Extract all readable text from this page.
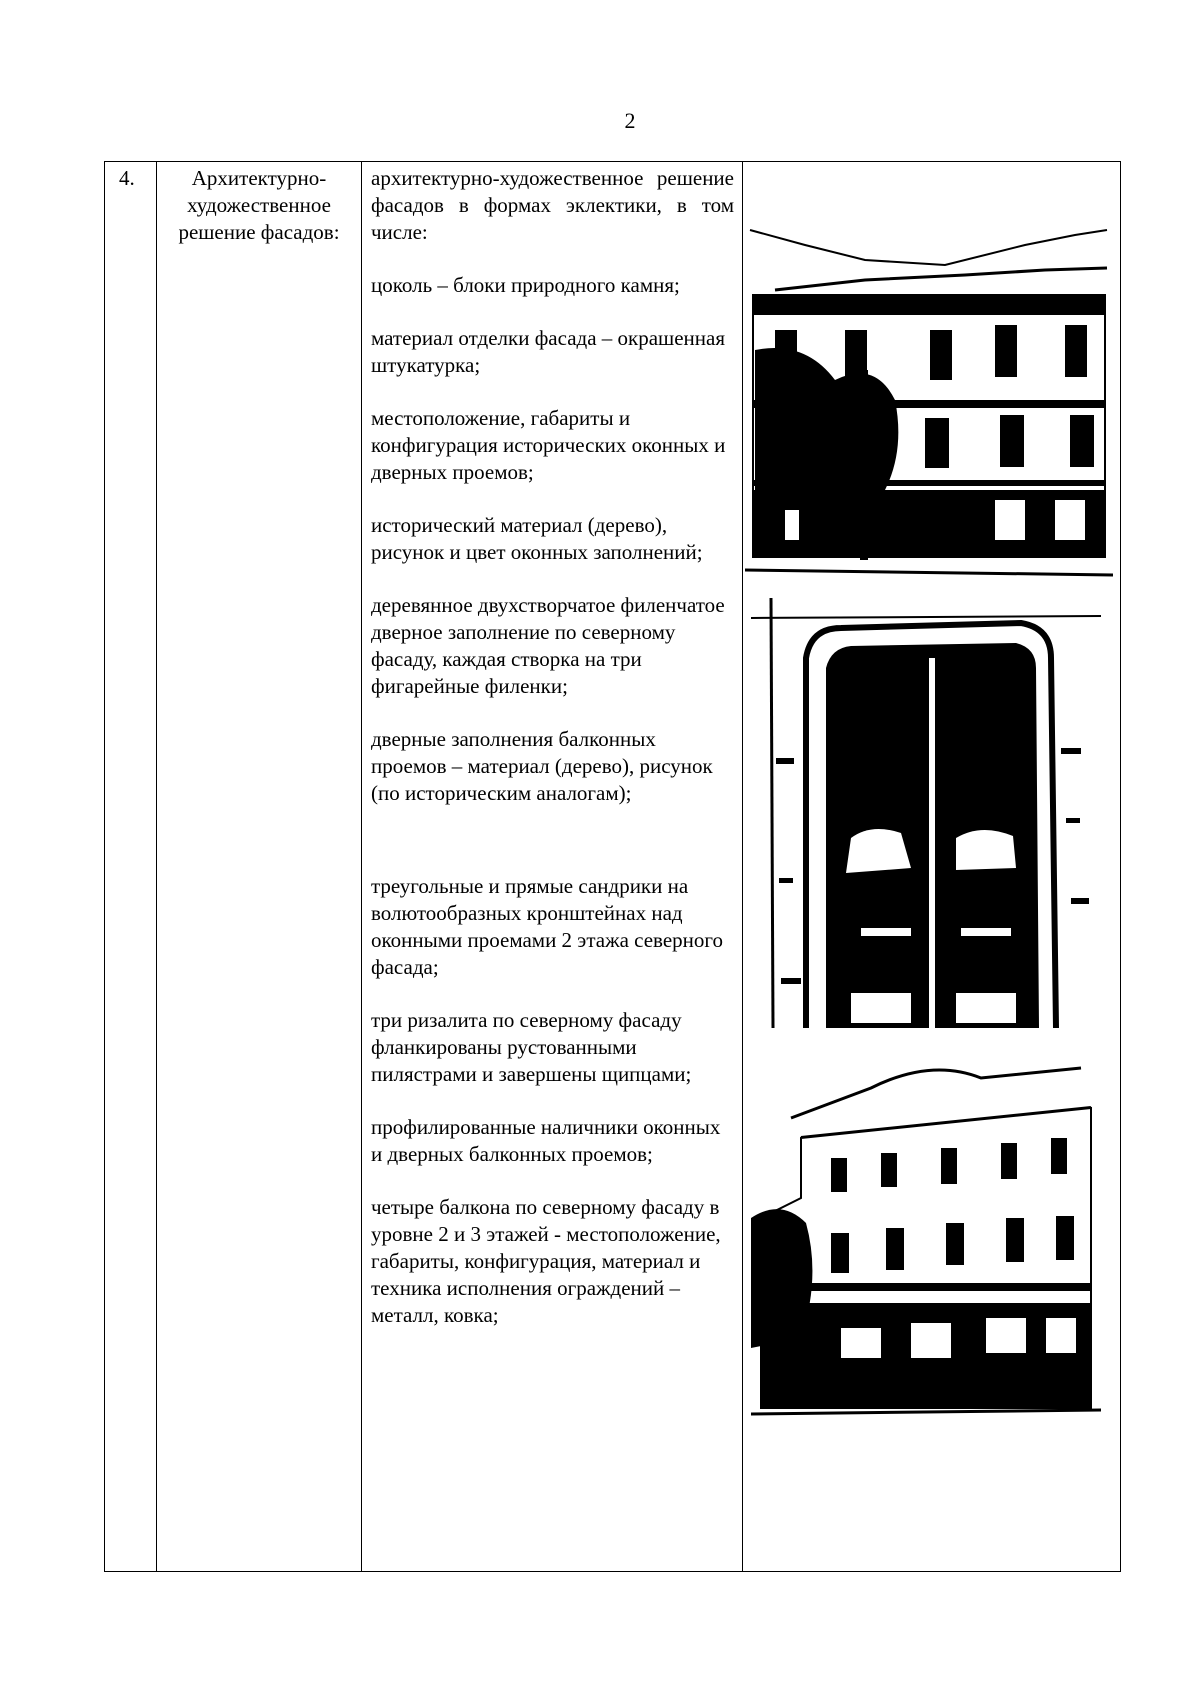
2
4.	Архитектурно-
художественное
решение фасадов:

архитектурно-художественное решение фасадов в формах эклектики, в том числе:

цоколь – блоки природного камня;

материал отделки фасада – окрашенная штукатурка;

местоположение, габариты и конфигурация исторических оконных и дверных проемов;

исторический материал (дерево), рисунок и цвет оконных заполнений;

деревянное двухстворчатое филенчатое дверное заполнение по северному фасаду, каждая створка на три фигарейные филенки;

дверные заполнения балконных проемов – материал (дерево), рисунок (по историческим аналогам);

треугольные и прямые сандрики на волютообразных кронштейнах над оконными проемами 2 этажа северного фасада;

три ризалита по северному фасаду фланкированы рустованными пилястрами и завершены щипцами;

профилированные наличники оконных и дверных балконных проемов;

четыре балкона по северному фасаду в уровне 2 и 3 этажей - местоположение, габариты, конфигурация, материал и техника исполнения ограждений – металл, ковка;
